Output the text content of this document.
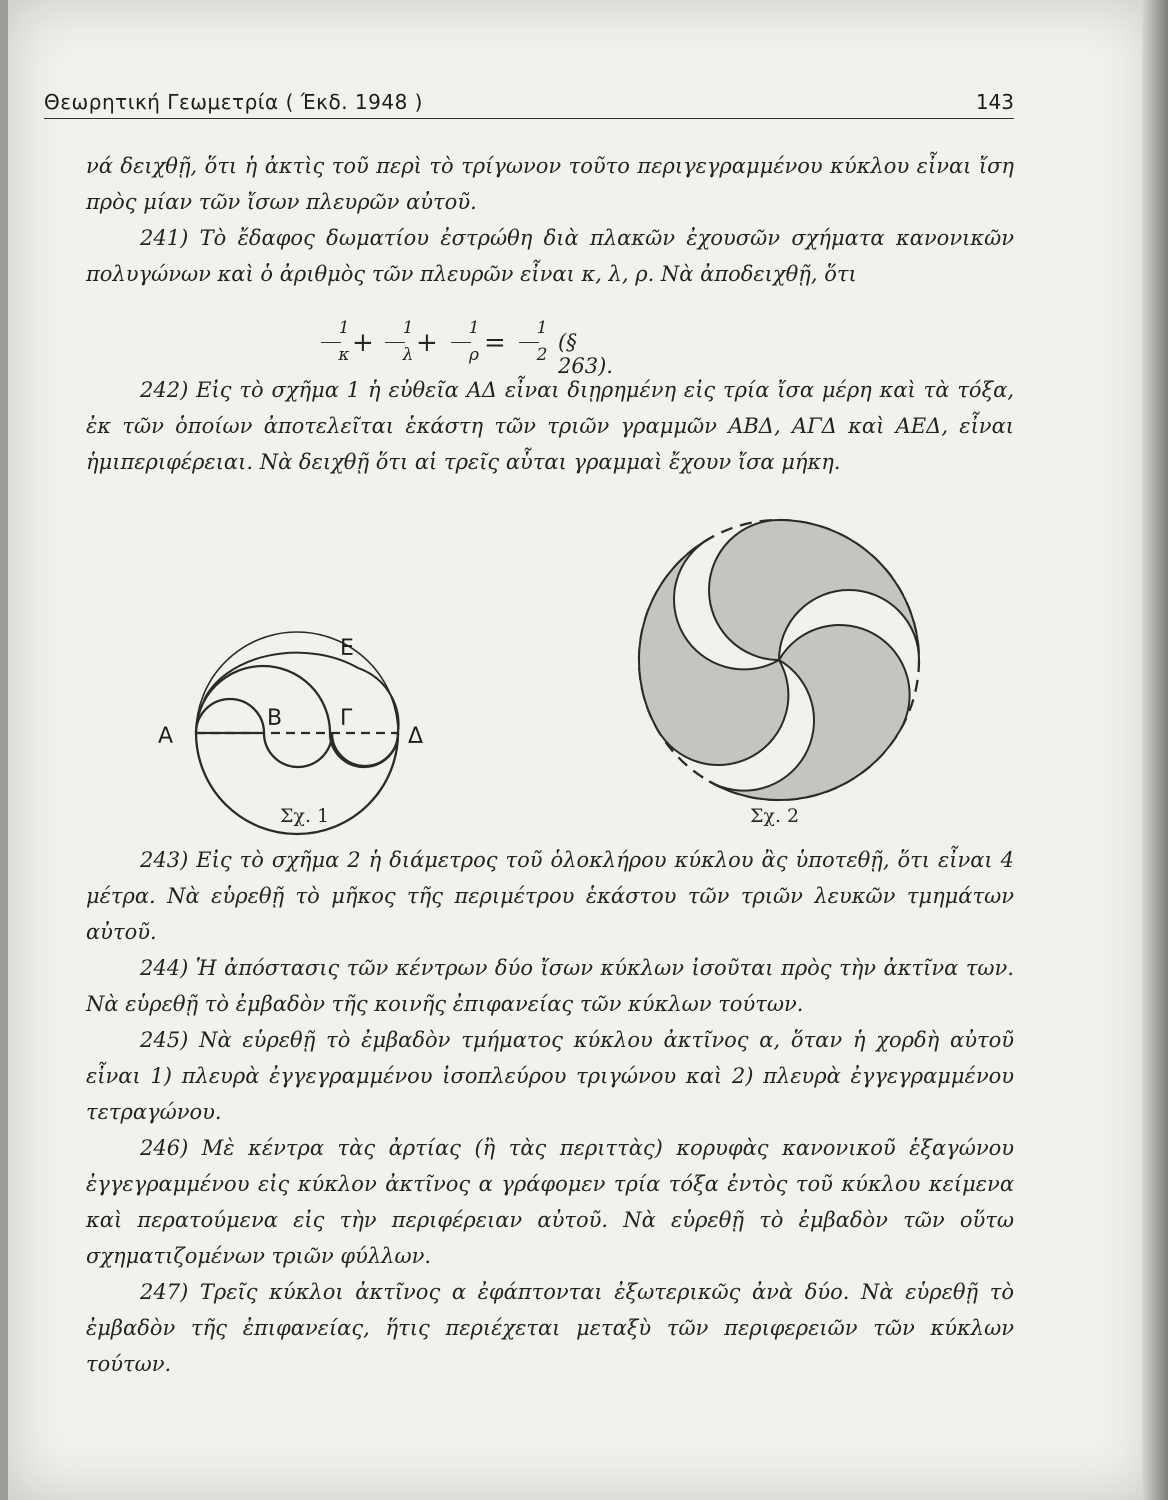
Θεωρητική Γεωμετρία ( Έκδ. 1948 )	143

νά δειχθῇ, ὅτι ἡ ἀκτὶς τοῦ περὶ τὸ τρίγωνον τοῦτο περιγεγραμμένου κύκλου εἶναι ἴση πρὸς μίαν τῶν ἴσων πλευρῶν αὐτοῦ.

241) Τὸ ἔδαφος δωματίου ἐστρώθη διὰ πλακῶν ἐχουσῶν σχήματα κανονικῶν πολυγώνων καὶ ὁ ἀριθμὸς τῶν πλευρῶν εἶναι κ, λ, ρ. Νὰ ἀποδειχθῇ, ὅτι

1
κ +	1
λ +	1
ρ =	1
2
(§ 263).

242) Εἰς τὸ σχῆμα 1 ἡ εὐθεῖα ΑΔ εἶναι διῃρημένη εἰς τρία ἴσα μέρη καὶ τὰ τόξα, ἐκ τῶν ὁποίων ἀποτελεῖται ἑκάστη τῶν τριῶν γραμμῶν ΑΒΔ, ΑΓΔ καὶ ΑΕΔ, εἶναι ἡμιπεριφέρειαι. Νὰ δειχθῇ ὅτι αἱ τρεῖς αὗται γραμμαὶ ἔχουν ἴσα μήκη.

Α
Β	Γ
Δ
Ε
Σχ. 1	Σχ. 2

243) Εἰς τὸ σχῆμα 2 ἡ διάμετρος τοῦ ὁλοκλήρου κύκλου ἂς ὑποτεθῇ, ὅτι εἶναι 4 μέτρα. Νὰ εὑρεθῇ τὸ μῆκος τῆς περιμέτρου ἑκάστου τῶν τριῶν λευκῶν τμημάτων αὐτοῦ.

244) Ἡ ἀπόστασις τῶν κέντρων δύο ἴσων κύκλων ἰσοῦται πρὸς τὴν ἀκτῖνα των. Νὰ εὑρεθῇ τὸ ἐμβαδὸν τῆς κοινῆς ἐπιφανείας τῶν κύκλων τούτων.

245) Νὰ εὑρεθῇ τὸ ἐμβαδὸν τμήματος κύκλου ἀκτῖνος α, ὅταν ἡ χορδὴ αὐτοῦ εἶναι 1) πλευρὰ ἐγγεγραμμένου ἰσοπλεύρου τριγώνου καὶ 2) πλευρὰ ἐγγεγραμμένου τετραγώνου.

246) Μὲ κέντρα τὰς ἀρτίας (ἢ τὰς περιττὰς) κορυφὰς κανονικοῦ ἑξαγώνου ἐγγεγραμμένου εἰς κύκλον ἀκτῖνος α γράφομεν τρία τόξα ἐντὸς τοῦ κύκλου κείμενα καὶ περατούμενα εἰς τὴν περιφέρειαν αὐτοῦ. Νὰ εὑρεθῇ τὸ ἐμβαδὸν τῶν οὕτω σχηματιζομένων τριῶν φύλλων.

247) Τρεῖς κύκλοι ἀκτῖνος α ἐφάπτονται ἐξωτερικῶς ἀνὰ δύο. Νὰ εὑρεθῇ τὸ ἐμβαδὸν τῆς ἐπιφανείας, ἥτις περιέχεται μεταξὺ τῶν περιφερειῶν τῶν κύκλων τούτων.
